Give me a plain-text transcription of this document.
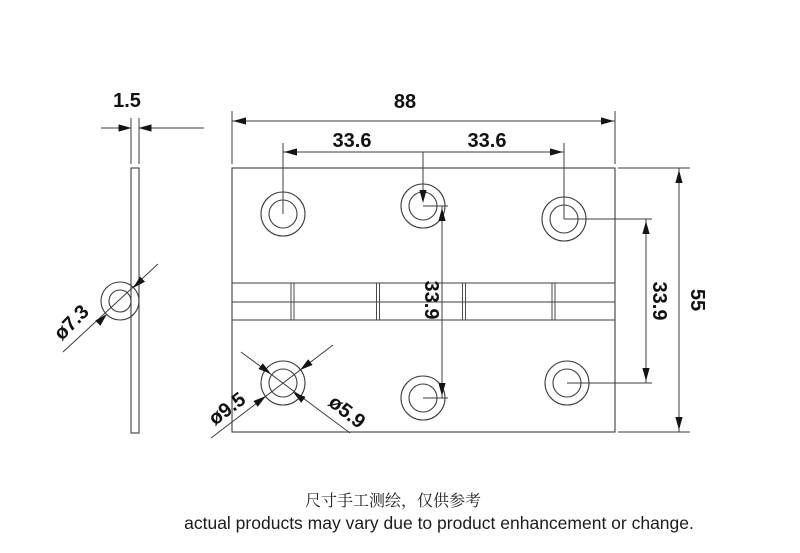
1.5
ø7.3
88
33.6	33.6
33.9	33.9 55
ø9.5	ø5.9
尺寸手工测绘，仅供参考
actual products may vary due to product enhancement or change.
